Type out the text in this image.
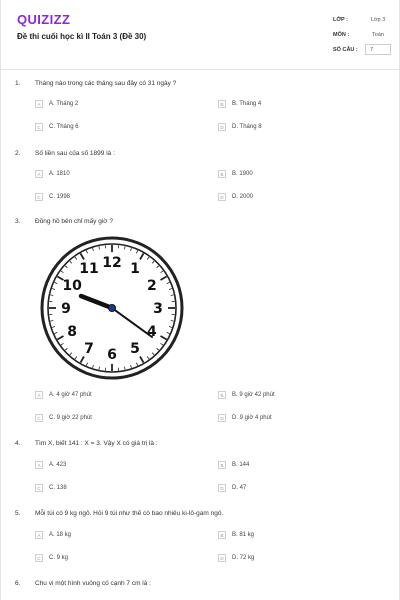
QUIZIZZ
Đề thi cuối học kì II Toán 3 (Đề 30)
LỚP :	Lớp 3
MÔN :	Toán
SỐ CÂU :	7
1. Tháng nào trong các tháng sau đây có 31 ngày ?
A	A. Tháng 2	B	B. Tháng 4
C	C. Tháng 6	D	D. Tháng 8
2. Số liền sau của số 1899 là :
A	A. 1810	B	B. 1900
C	C. 1998	D	D. 2000
3. Đồng hồ bên chỉ mấy giờ ?
12 1
2
3
4
5
6
7
8
9
10
11
A	A. 4 giờ 47 phút	B	B. 9 giờ 42 phút
C	C. 9 giờ 22 phút	D	D. 9 giờ 4 phút
4. Tìm X, biết 141 : X = 3. Vậy X có giá trị là :
A	A. 423	B	B. 144
C	C. 138	D	D. 47
5. Mỗi túi có 9 kg ngô. Hỏi 9 túi như thế có bao nhiêu ki-lô-gam ngô.
A	A. 18 kg	B	B. 81 kg
C	C. 9 kg	D	D. 72 kg
6. Chu vi một hình vuông có cạnh 7 cm là :
